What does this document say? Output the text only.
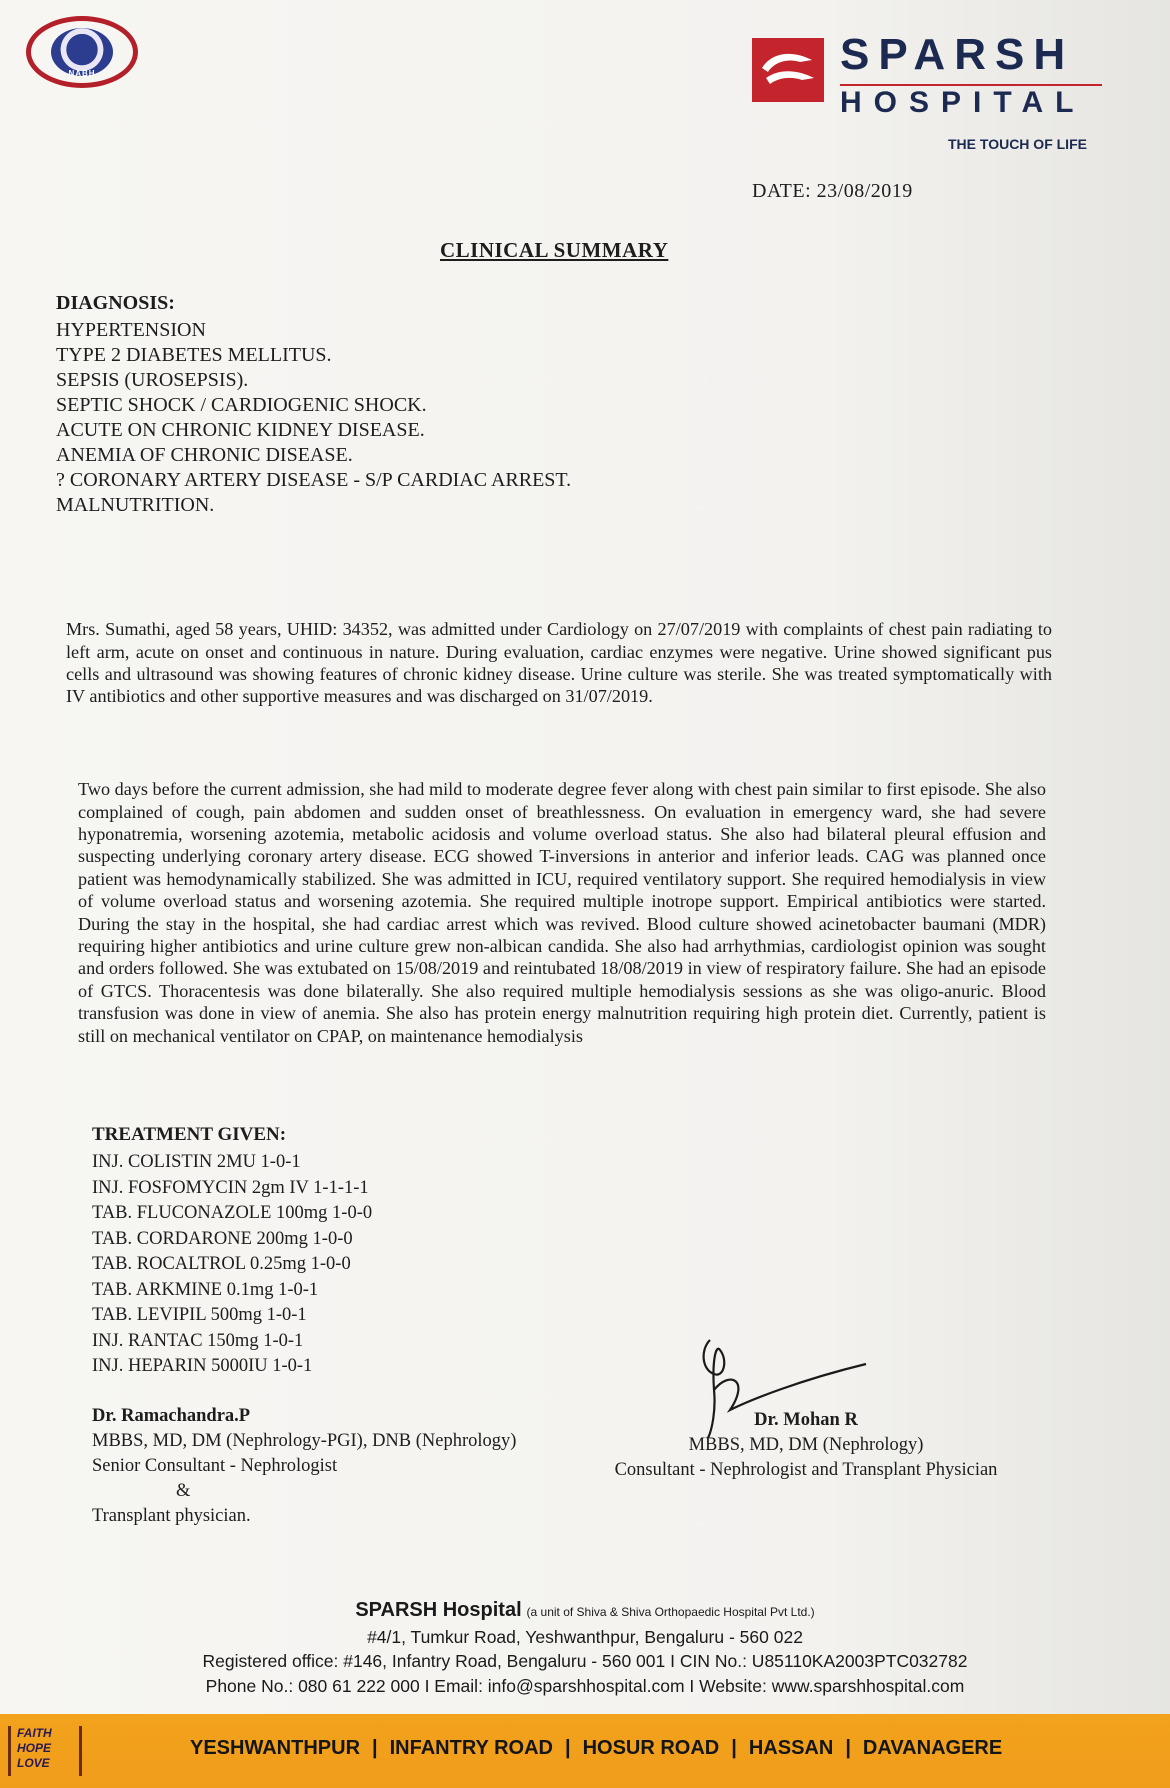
NABH	SPARSH
HOSPITAL
THE TOUCH OF LIFE
DATE: 23/08/2019
CLINICAL SUMMARY
DIAGNOSIS:
HYPERTENSION
TYPE 2 DIABETES MELLITUS.
SEPSIS (UROSEPSIS).
SEPTIC SHOCK / CARDIOGENIC SHOCK.
ACUTE ON CHRONIC KIDNEY DISEASE.
ANEMIA OF CHRONIC DISEASE.
? CORONARY ARTERY DISEASE - S/P CARDIAC ARREST.
MALNUTRITION.

Mrs. Sumathi, aged 58 years, UHID: 34352, was admitted under Cardiology on 27/07/2019 with complaints of chest pain radiating to left arm, acute on onset and continuous in nature. During evaluation, cardiac enzymes were negative. Urine showed significant pus cells and ultrasound was showing features of chronic kidney disease. Urine culture was sterile. She was treated symptomatically with IV antibiotics and other supportive measures and was discharged on 31/07/2019.

Two days before the current admission, she had mild to moderate degree fever along with chest pain similar to first episode. She also complained of cough, pain abdomen and sudden onset of breathlessness. On evaluation in emergency ward, she had severe hyponatremia, worsening azotemia, metabolic acidosis and volume overload status. She also had bilateral pleural effusion and suspecting underlying coronary artery disease. ECG showed T-inversions in anterior and inferior leads. CAG was planned once patient was hemodynamically stabilized. She was admitted in ICU, required ventilatory support. She required hemodialysis in view of volume overload status and worsening azotemia. She required multiple inotrope support. Empirical antibiotics were started. During the stay in the hospital, she had cardiac arrest which was revived. Blood culture showed acinetobacter baumani (MDR) requiring higher antibiotics and urine culture grew non-albican candida. She also had arrhythmias, cardiologist opinion was sought and orders followed. She was extubated on 15/08/2019 and reintubated 18/08/2019 in view of respiratory failure. She had an episode of GTCS. Thoracentesis was done bilaterally. She also required multiple hemodialysis sessions as she was oligo-anuric. Blood transfusion was done in view of anemia. She also has protein energy malnutrition requiring high protein diet. Currently, patient is still on mechanical ventilator on CPAP, on maintenance hemodialysis

TREATMENT GIVEN:
INJ. COLISTIN 2MU 1-0-1
INJ. FOSFOMYCIN 2gm IV 1-1-1-1
TAB. FLUCONAZOLE 100mg 1-0-0
TAB. CORDARONE 200mg 1-0-0
TAB. ROCALTROL 0.25mg 1-0-0
TAB. ARKMINE 0.1mg 1-0-1
TAB. LEVIPIL 500mg 1-0-1
INJ. RANTAC 150mg 1-0-1
INJ. HEPARIN 5000IU 1-0-1
Dr. Ramachandra.P
MBBS, MD, DM (Nephrology-PGI), DNB (Nephrology)
Senior Consultant - Nephrologist
&
Transplant physician.
Dr. Mohan R
MBBS, MD, DM (Nephrology)
Consultant - Nephrologist and Transplant Physician
SPARSH Hospital (a unit of Shiva & Shiva Orthopaedic Hospital Pvt Ltd.)
#4/1, Tumkur Road, Yeshwanthpur, Bengaluru - 560 022
Registered office: #146, Infantry Road, Bengaluru - 560 001 I CIN No.: U85110KA2003PTC032782
Phone No.: 080 61 222 000 I Email: info@sparshhospital.com I Website: www.sparshhospital.com
FAITH
HOPE
LOVE
YESHWANTHPUR	| INFANTRY ROAD	| HOSUR ROAD	| HASSAN	| DAVANAGERE
